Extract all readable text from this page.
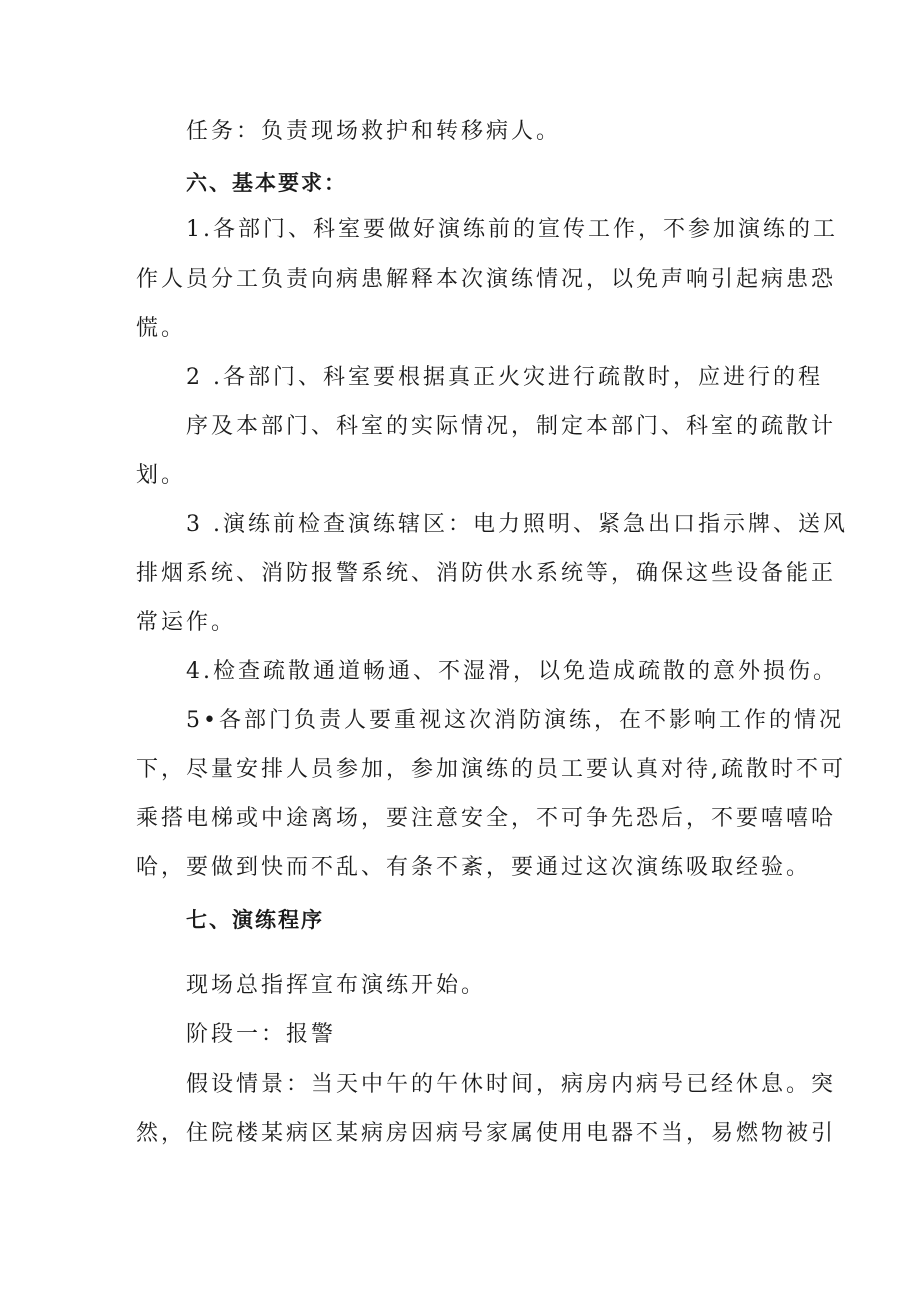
任务：负责现场救护和转移病人。
六、基本要求：
1.各部门、科室要做好演练前的宣传工作，不参加演练的工
作人员分工负责向病患解释本次演练情况，以免声响引起病患恐
慌。
2 .各部门、科室要根据真正火灾进行疏散时，应进行的程
序及本部门、科室的实际情况，制定本部门、科室的疏散计
划。
3 .演练前检查演练辖区：电力照明、紧急出口指示牌、送风
排烟系统、消防报警系统、消防供水系统等，确保这些设备能正
常运作。
4.检查疏散通道畅通、不湿滑，以免造成疏散的意外损伤。
5•各部门负责人要重视这次消防演练，在不影响工作的情况
下，尽量安排人员参加，参加演练的员工要认真对待,疏散时不可
乘搭电梯或中途离场，要注意安全，不可争先恐后，不要嘻嘻哈
哈，要做到快而不乱、有条不紊，要通过这次演练吸取经验。
七、演练程序
现场总指挥宣布演练开始。
阶段一：报警
假设情景：当天中午的午休时间，病房内病号已经休息。突
然，住院楼某病区某病房因病号家属使用电器不当，易燃物被引
